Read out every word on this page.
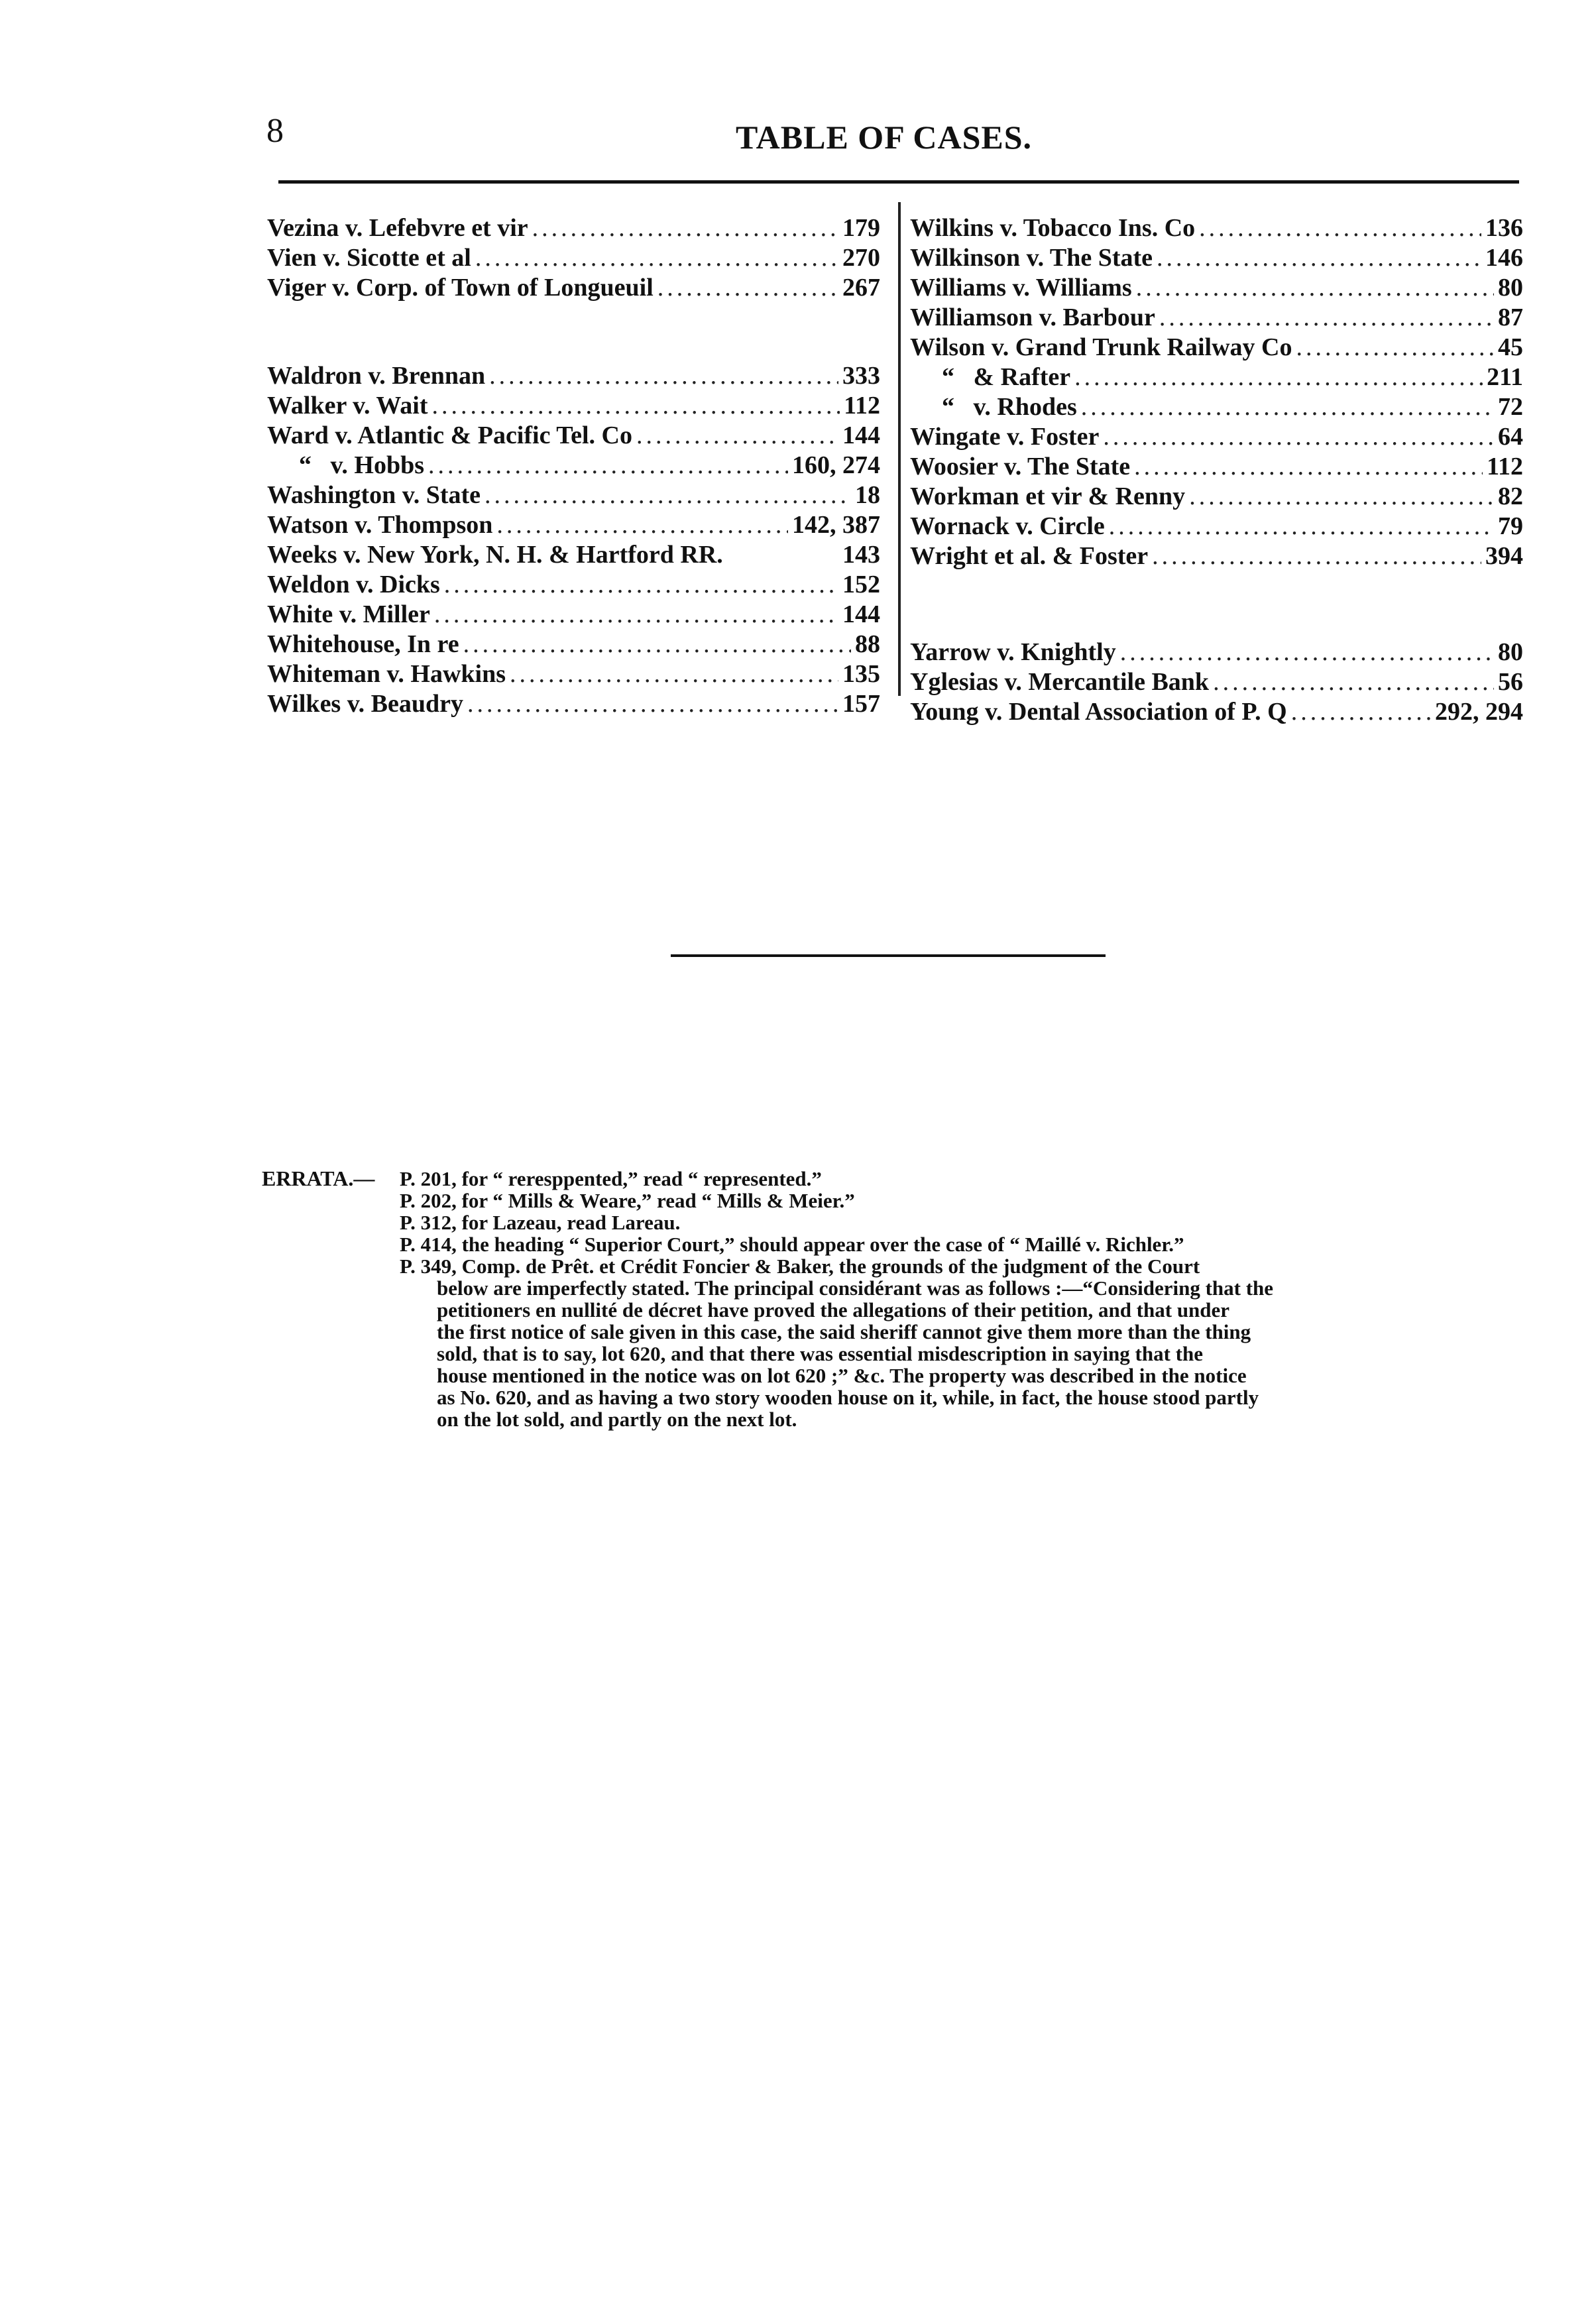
8	TABLE OF CASES.
Vezina v. Lefebvre et vir .....	179
Vien v. Sicotte et al .....	270
Viger v. Corp. of Town of Longueuil .....	267
Waldron v. Brennan .....	333
Walker v. Wait .....	112
Ward v. Atlantic & Pacific Tel. Co .....	144
“   v. Hobbs .....	160, 274
Washington v. State .....	18
Watson v. Thompson .....	142, 387
Weeks v. New York, N. H. & Hartford RR.	143
Weldon v. Dicks .....	152
White v. Miller .....	144
Whitehouse, In re .....	88
Whiteman v. Hawkins .....	135
Wilkes v. Beaudry .....	157
Wilkins v. Tobacco Ins. Co .....	136
Wilkinson v. The State .....	146
Williams v. Williams .....	80
Williamson v. Barbour .....	87
Wilson v. Grand Trunk Railway Co .....	45
“   & Rafter .....	211
“   v. Rhodes .....	72
Wingate v. Foster .....	64
Woosier v. The State .....	112
Workman et vir & Renny .....	82
Wornack v. Circle .....	79
Wright et al. & Foster .....	394
Yarrow v. Knightly .....	80
Yglesias v. Mercantile Bank .....	56
Young v. Dental Association of P. Q .....	292, 294
ERRATA.— P. 201, for “ reresppented,” read “ represented.”
P. 202, for “ Mills & Weare,” read “ Mills & Meier.”
P. 312, for Lazeau, read Lareau.
P. 414, the heading “ Superior Court,” should appear over the case of “ Maillé v. Richler.”
P. 349, Comp. de Prêt. et Crédit Foncier & Baker, the grounds of the judgment of the Court
below are imperfectly stated. The principal considérant was as follows :—“Considering that the
petitioners en nullité de décret have proved the allegations of their petition, and that under
the first notice of sale given in this case, the said sheriff cannot give them more than the thing
sold, that is to say, lot 620, and that there was essential misdescription in saying that the
house mentioned in the notice was on lot 620 ;” &c. The property was described in the notice
as No. 620, and as having a two story wooden house on it, while, in fact, the house stood partly
on the lot sold, and partly on the next lot.
